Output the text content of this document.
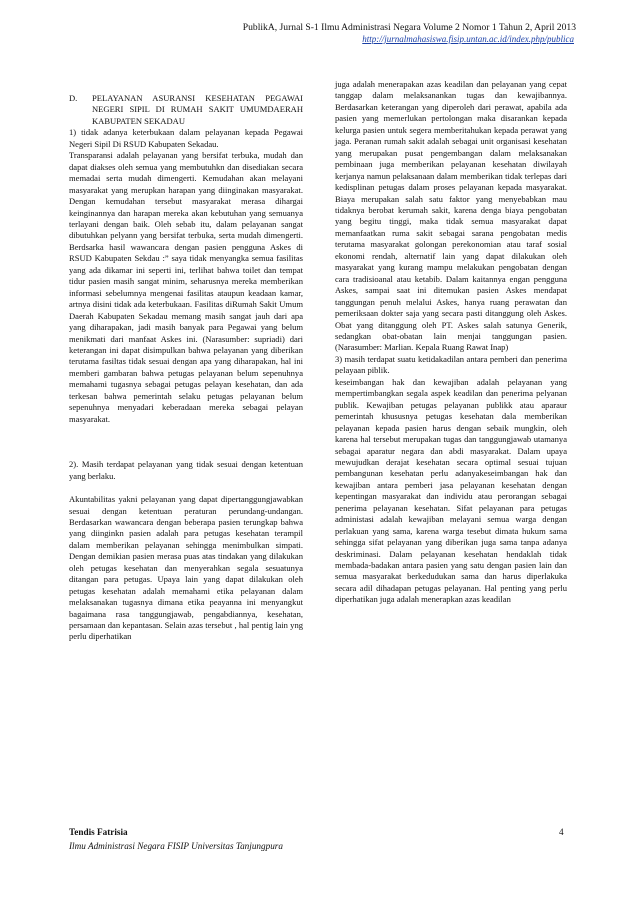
PublikA, Jurnal S-1 Ilmu Administrasi Negara Volume 2 Nomor 1 Tahun 2, April 2013
http://jurnalmahasiswa.fisip.untan.ac.id/index.php/publica
D.	PELAYANAN ASURANSI KESEHATAN PEGAWAI NEGERI SIPIL DI RUMAH SAKIT UMUMDAERAH KABUPATEN SEKADAU

1) tidak adanya keterbukaan dalam pelayanan kepada Pegawai Negeri Sipil Di RSUD Kabupaten Sekadau.

Transparansi adalah pelayanan yang bersifat terbuka, mudah dan dapat diakses oleh semua yang membutuhkn dan disediakan secara memadai serta mudah dimengerti. Kemudahan akan melayani masyarakat yang merupkan harapan yang diinginakan masyarakat. Dengan kemudahan tersebut masyarakat merasa dihargai keinginannya dan harapan mereka akan kebutuhan yang semuanya terlayani dengan baik. Oleh sebab itu, dalam pelayanan sangat dibutuhkan pelyann yang bersifat terbuka, serta mudah dimengerti. Berdsarka hasil wawancara dengan pasien pengguna Askes di RSUD Kabupaten Sekdau :” saya tidak menyangka semua fasilitas yang ada dikamar ini seperti ini, terlihat bahwa toilet dan tempat tidur pasien masih sangat minim, seharusnya mereka memberikan informasi sebelumnya mengenai fasilitas ataupun keadaan kamar, artnya disini tidak ada keterbukaan. Fasilitas diRumah Sakit Umum Daerah Kabupaten Sekadau memang masih sangat jauh dari apa yang diharapakan, jadi masih banyak para Pegawai yang belum menikmati dari manfaat Askes ini. (Narasumber: supriadi) dari keterangan ini dapat disimpulkan bahwa pelayanan yang diberikan terutama fasiltas tidak sesuai dengan apa yang diharapakan, hal ini memberi gambaran bahwa petugas pelayanan belum sepenuhnya memahami tugasnya sebagai petugas pelayan kesehatan, dan ada terkesan bahwa pemerintah selaku petugas pelayanan belum sepenuhnya menyadari keberadaan mereka sebagai pelayan masyarakat.

2). Masih terdapat pelayanan yang tidak sesuai dengan ketentuan yang berlaku.

Akuntabilitas yakni pelayanan yang dapat dipertanggungjawabkan sesuai dengan ketentuan peraturan perundang-undangan. Berdasarkan wawancara dengan beberapa pasien terungkap bahwa yang diinginkn pasien adalah para petugas kesehatan terampil dalam memberikan pelayanan sehingga menimbulkan simpati. Dengan demikian pasien merasa puas atas tindakan yang dilakukan oleh petugas kesehatan dan menyerahkan segala sesuatunya ditangan para petugas. Upaya lain yang dapat dilakukan oleh petugas kesehatan adalah memahami etika pelayanan dalam melaksanakan tugasnya dimana etika peayanna ini menyangkut bagaimana rasa tanggungjawab, pengabdiannya, kesehatan, persamaan dan kepantasan. Selain azas tersebut , hal pentig lain yng perlu diperhatikan

juga adalah menerapakan azas keadilan dan pelayanan yang cepat tanggap dalam melaksanankan tugas dan kewajibannya. Berdasarkan keterangan yang diperoleh dari perawat, apabila ada pasien yang memerlukan pertolongan maka disarankan kepada kelurga pasien untuk segera memberitahukan kepada perawat yang jaga. Peranan rumah sakit adalah sebagai unit organisasi kesehatan yang merupakan pusat pengembangan dalam melaksanakan pembinaan juga memberikan pelayanan kesehatan diwilayah kerjanya namun pelaksanaan dalam memberikan tidak terlepas dari kedisplinan petugas dalam proses pelayanan kepada masyarakat. Biaya merupakan salah satu faktor yang menyebabkan mau tidaknya berobat kerumah sakit, karena denga biaya pengobatan yang begitu tinggi, maka tidak semua masyarakat dapat memanfaatkan ruma sakit sebagai sarana pengobatan medis terutama masyarakat golongan perekonomian atau taraf sosial ekonomi rendah, alternatif lain yang dapat dilakukan oleh masyarakat yang kurang mampu melakukan pengobatan dengan cara tradisioanal atau ketabib. Dalam kaitannya engan pengguna Askes, sampai saat ini ditemukan pasien Askes mendapat tanggungan penuh melalui Askes, hanya ruang perawatan dan pemeriksaan dokter saja yang secara pasti ditanggung oleh Askes. Obat yang ditanggung oleh PT. Askes salah satunya Generik, sedangkan obat-obatan lain menjai tanggungan pasien. (Narasumber: Marlian. Kepala Ruang Rawat Inap)

3) masih terdapat suatu ketidakadilan antara pemberi dan penerima pelayaan piblik.

keseimbangan hak dan kewajiban adalah pelayanan yang mempertimbangkan segala aspek keadilan dan penerima pelyanan publik. Kewajiban petugas pelayanan publikk atau aparaur pemerintah khususnya petugas kesehatan dala memberikan pelayanan kepada pasien harus dengan sebaik mungkin, oleh karena hal tersebut merupakan tugas dan tanggungjawab utamanya sebagai aparatur negara dan abdi masyarakat. Dalam upaya mewujudkan derajat kesehatan secara optimal sesuai tujuan pembangunan kesehatan perlu adanyakeseimbangan hak dan kewajiban antara pemberi jasa pelayanan kesehatan dengan kepentingan masyarakat dan individu atau perorangan sebagai penerima pelayanan kesehatan. Sifat pelayanan para petugas administasi adalah kewajiban melayani semua warga dengan perlakuan yang sama, karena warga tesebut dimata hukum sama sehingga sifat pelayanan yang diberikan juga sama tanpa adanya deskriminasi. Dalam pelayanan kesehatan hendaklah tidak membada-badakan antara pasien yang satu dengan pasien lain dan semua masyarakat berkedudukan sama dan harus diperlakuka secara adil dihadapan petugas pelayanan. Hal penting yang perlu diperhatikan juga adalah menerapkan azas keadilan

Tendis Fatrisia
Ilmu Administrasi Negara FISIP Universitas Tanjungpura
4
